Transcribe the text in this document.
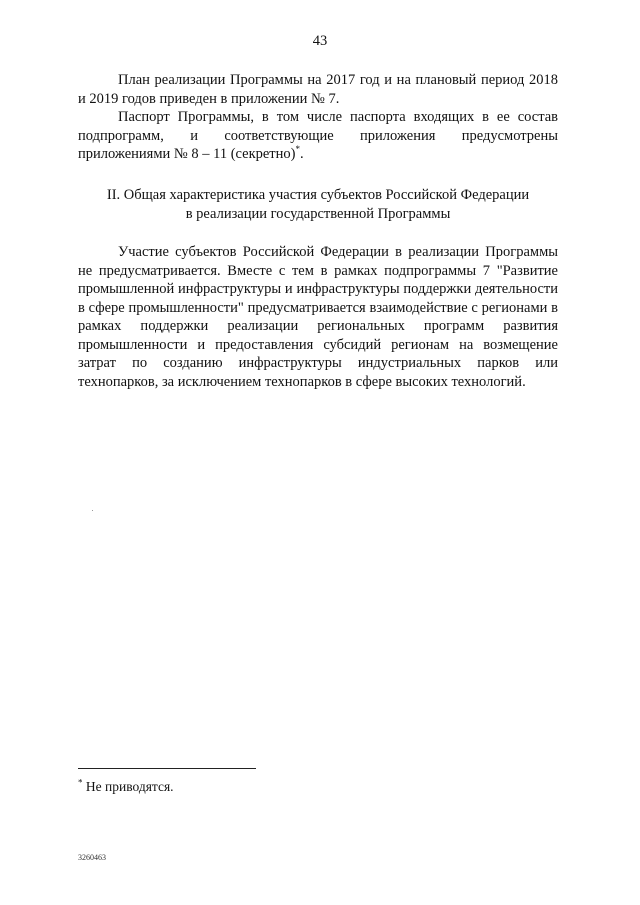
43
План реализации Программы на 2017 год и на плановый период 2018 и 2019 годов приведен в приложении № 7.
Паспорт Программы, в том числе паспорта входящих в ее состав подпрограмм, и соответствующие приложения предусмотрены приложениями № 8 – 11 (секретно)*.
II. Общая характеристика участия субъектов Российской Федерации
в реализации государственной Программы
Участие субъектов Российской Федерации в реализации Программы не предусматривается. Вместе с тем в рамках подпрограммы 7 "Развитие промышленной инфраструктуры и инфраструктуры поддержки деятельности в сфере промышленности" предусматривается взаимодействие с регионами в рамках поддержки реализации региональных программ развития промышленности и предоставления субсидий регионам на возмещение затрат по созданию инфраструктуры индустриальных парков или технопарков, за исключением технопарков в сфере высоких технологий.
* Не приводятся.
3260463
